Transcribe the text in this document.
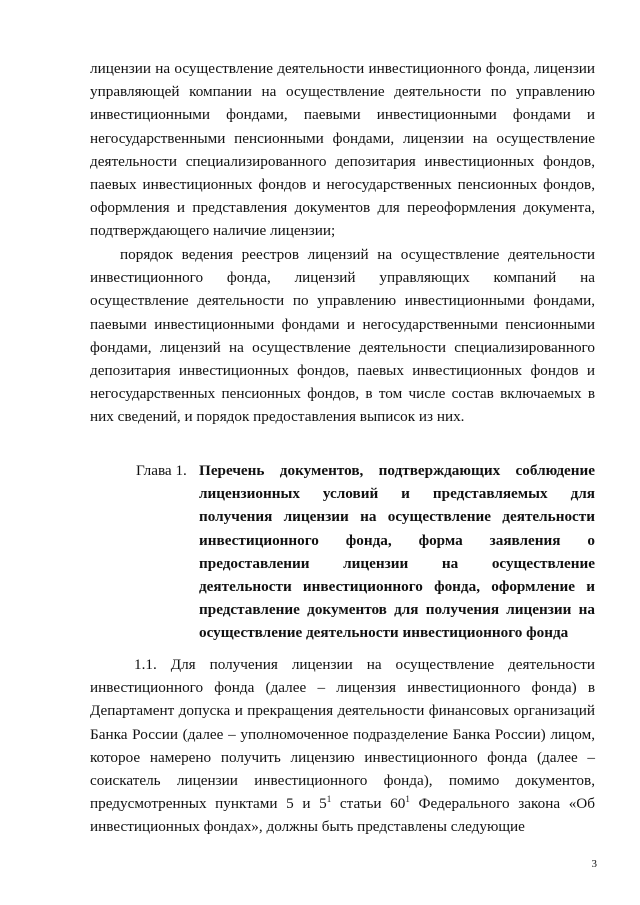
лицензии на осуществление деятельности инвестиционного фонда, лицензии управляющей компании на осуществление деятельности по управлению инвестиционными фондами, паевыми инвестиционными фондами и негосударственными пенсионными фондами, лицензии на осуществление деятельности специализированного депозитария инвестиционных фондов, паевых инвестиционных фондов и негосударственных пенсионных фондов, оформления и представления документов для переоформления документа, подтверждающего наличие лицензии;

порядок ведения реестров лицензий на осуществление деятельности инвестиционного фонда, лицензий управляющих компаний на осуществление деятельности по управлению инвестиционными фондами, паевыми инвестиционными фондами и негосударственными пенсионными фондами, лицензий на осуществление деятельности специализированного депозитария инвестиционных фондов, паевых инвестиционных фондов и негосударственных пенсионных фондов, в том числе состав включаемых в них сведений, и порядок предоставления выписок из них.

Глава 1. Перечень документов, подтверждающих соблюдение лицензионных условий и представляемых для получения лицензии на осуществление деятельности инвестиционного фонда, форма заявления о предоставлении лицензии на осуществление деятельности инвестиционного фонда, оформление и представление документов для получения лицензии на осуществление деятельности инвестиционного фонда

1.1. Для получения лицензии на осуществление деятельности инвестиционного фонда (далее – лицензия инвестиционного фонда) в Департамент допуска и прекращения деятельности финансовых организаций Банка России (далее – уполномоченное подразделение Банка России) лицом, которое намерено получить лицензию инвестиционного фонда (далее – соискатель лицензии инвестиционного фонда), помимо документов, предусмотренных пунктами 5 и $5^1$ статьи $60^1$ Федерального закона «Об инвестиционных фондах», должны быть представлены следующие

3
